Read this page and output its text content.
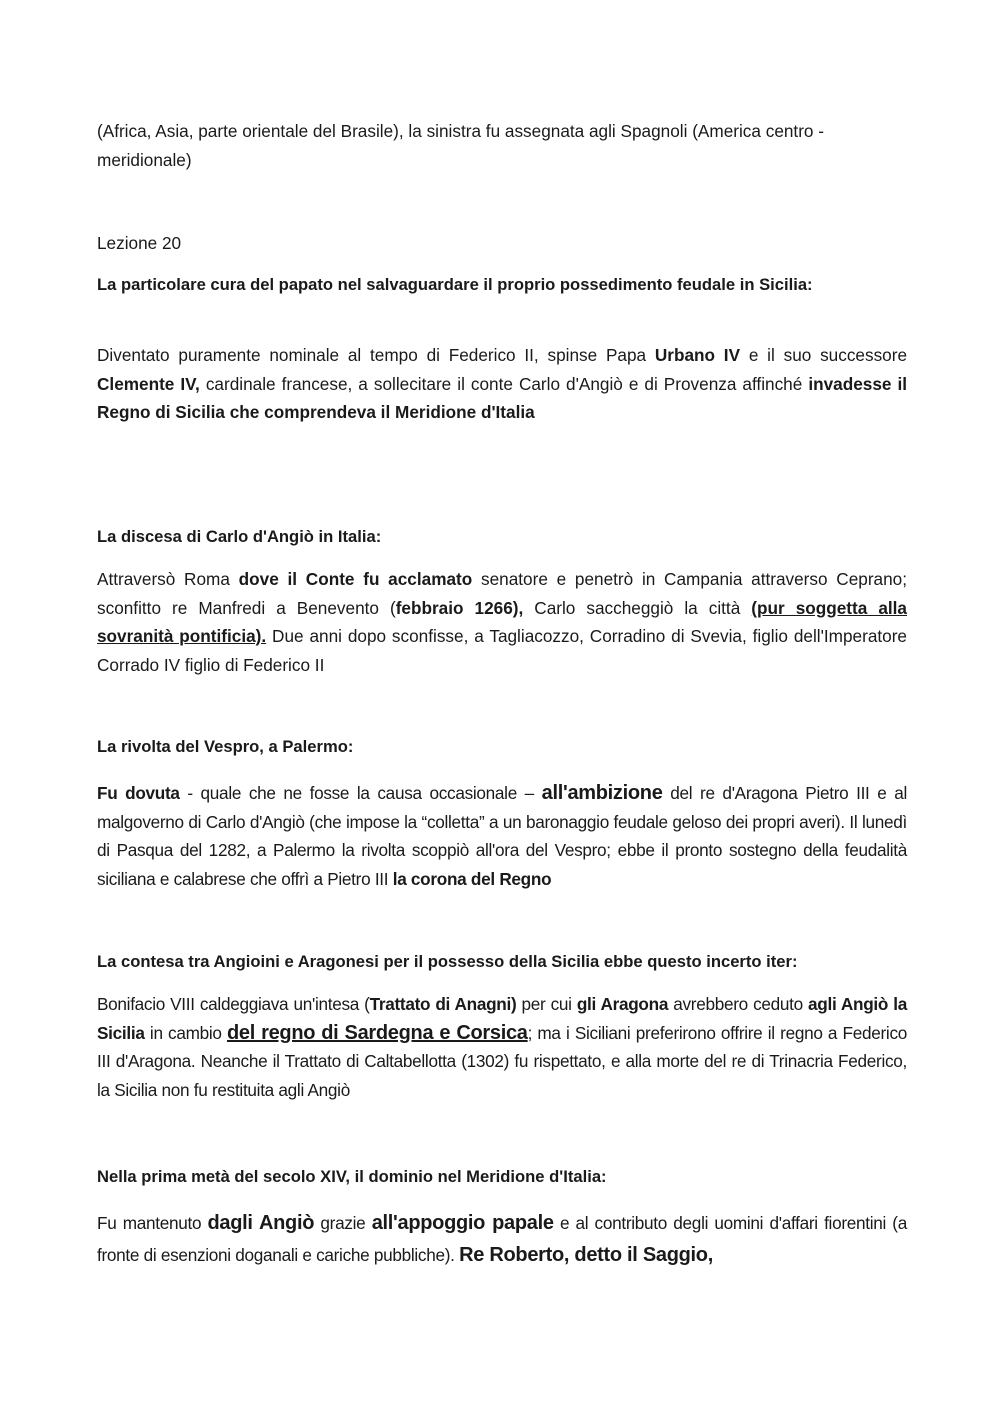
(Africa, Asia, parte orientale del Brasile), la sinistra fu assegnata agli Spagnoli (America centro - meridionale)

Lezione 20

La particolare cura del papato nel salvaguardare il proprio possedimento feudale in Sicilia:

Diventato puramente nominale al tempo di Federico II, spinse Papa Urbano IV e il suo successore Clemente IV, cardinale francese, a sollecitare il conte Carlo d'Angiò e di Provenza affinché invadesse il Regno di Sicilia che comprendeva il Meridione d'Italia

La discesa di Carlo d'Angiò in Italia:

Attraversò Roma dove il Conte fu acclamato senatore e penetrò in Campania attraverso Ceprano; sconfitto re Manfredi a Benevento (febbraio 1266), Carlo saccheggiò la città (pur soggetta alla sovranità pontificia). Due anni dopo sconfisse, a Tagliacozzo, Corradino di Svevia, figlio dell'Imperatore Corrado IV figlio di Federico II

La rivolta del Vespro, a Palermo:

Fu dovuta - quale che ne fosse la causa occasionale – all'ambizione del re d'Aragona Pietro III e al malgoverno di Carlo d'Angiò (che impose la “colletta” a un baronaggio feudale geloso dei propri averi). Il lunedì di Pasqua del 1282, a Palermo la rivolta scoppiò all'ora del Vespro; ebbe il pronto sostegno della feudalità siciliana e calabrese che offrì a Pietro III la corona del Regno

La contesa tra Angioini e Aragonesi per il possesso della Sicilia ebbe questo incerto iter:

Bonifacio VIII caldeggiava un'intesa (Trattato di Anagni) per cui gli Aragona avrebbero ceduto agli Angiò la Sicilia in cambio del regno di Sardegna e Corsica; ma i Siciliani preferirono offrire il regno a Federico III d'Aragona. Neanche il Trattato di Caltabellotta (1302) fu rispettato, e alla morte del re di Trinacria Federico, la Sicilia non fu restituita agli Angiò

Nella prima metà del secolo XIV, il dominio nel Meridione d'Italia:

Fu mantenuto dagli Angiò grazie all'appoggio papale e al contributo degli uomini d'affari fiorentini (a fronte di esenzioni doganali e cariche pubbliche). Re Roberto, detto il Saggio,
